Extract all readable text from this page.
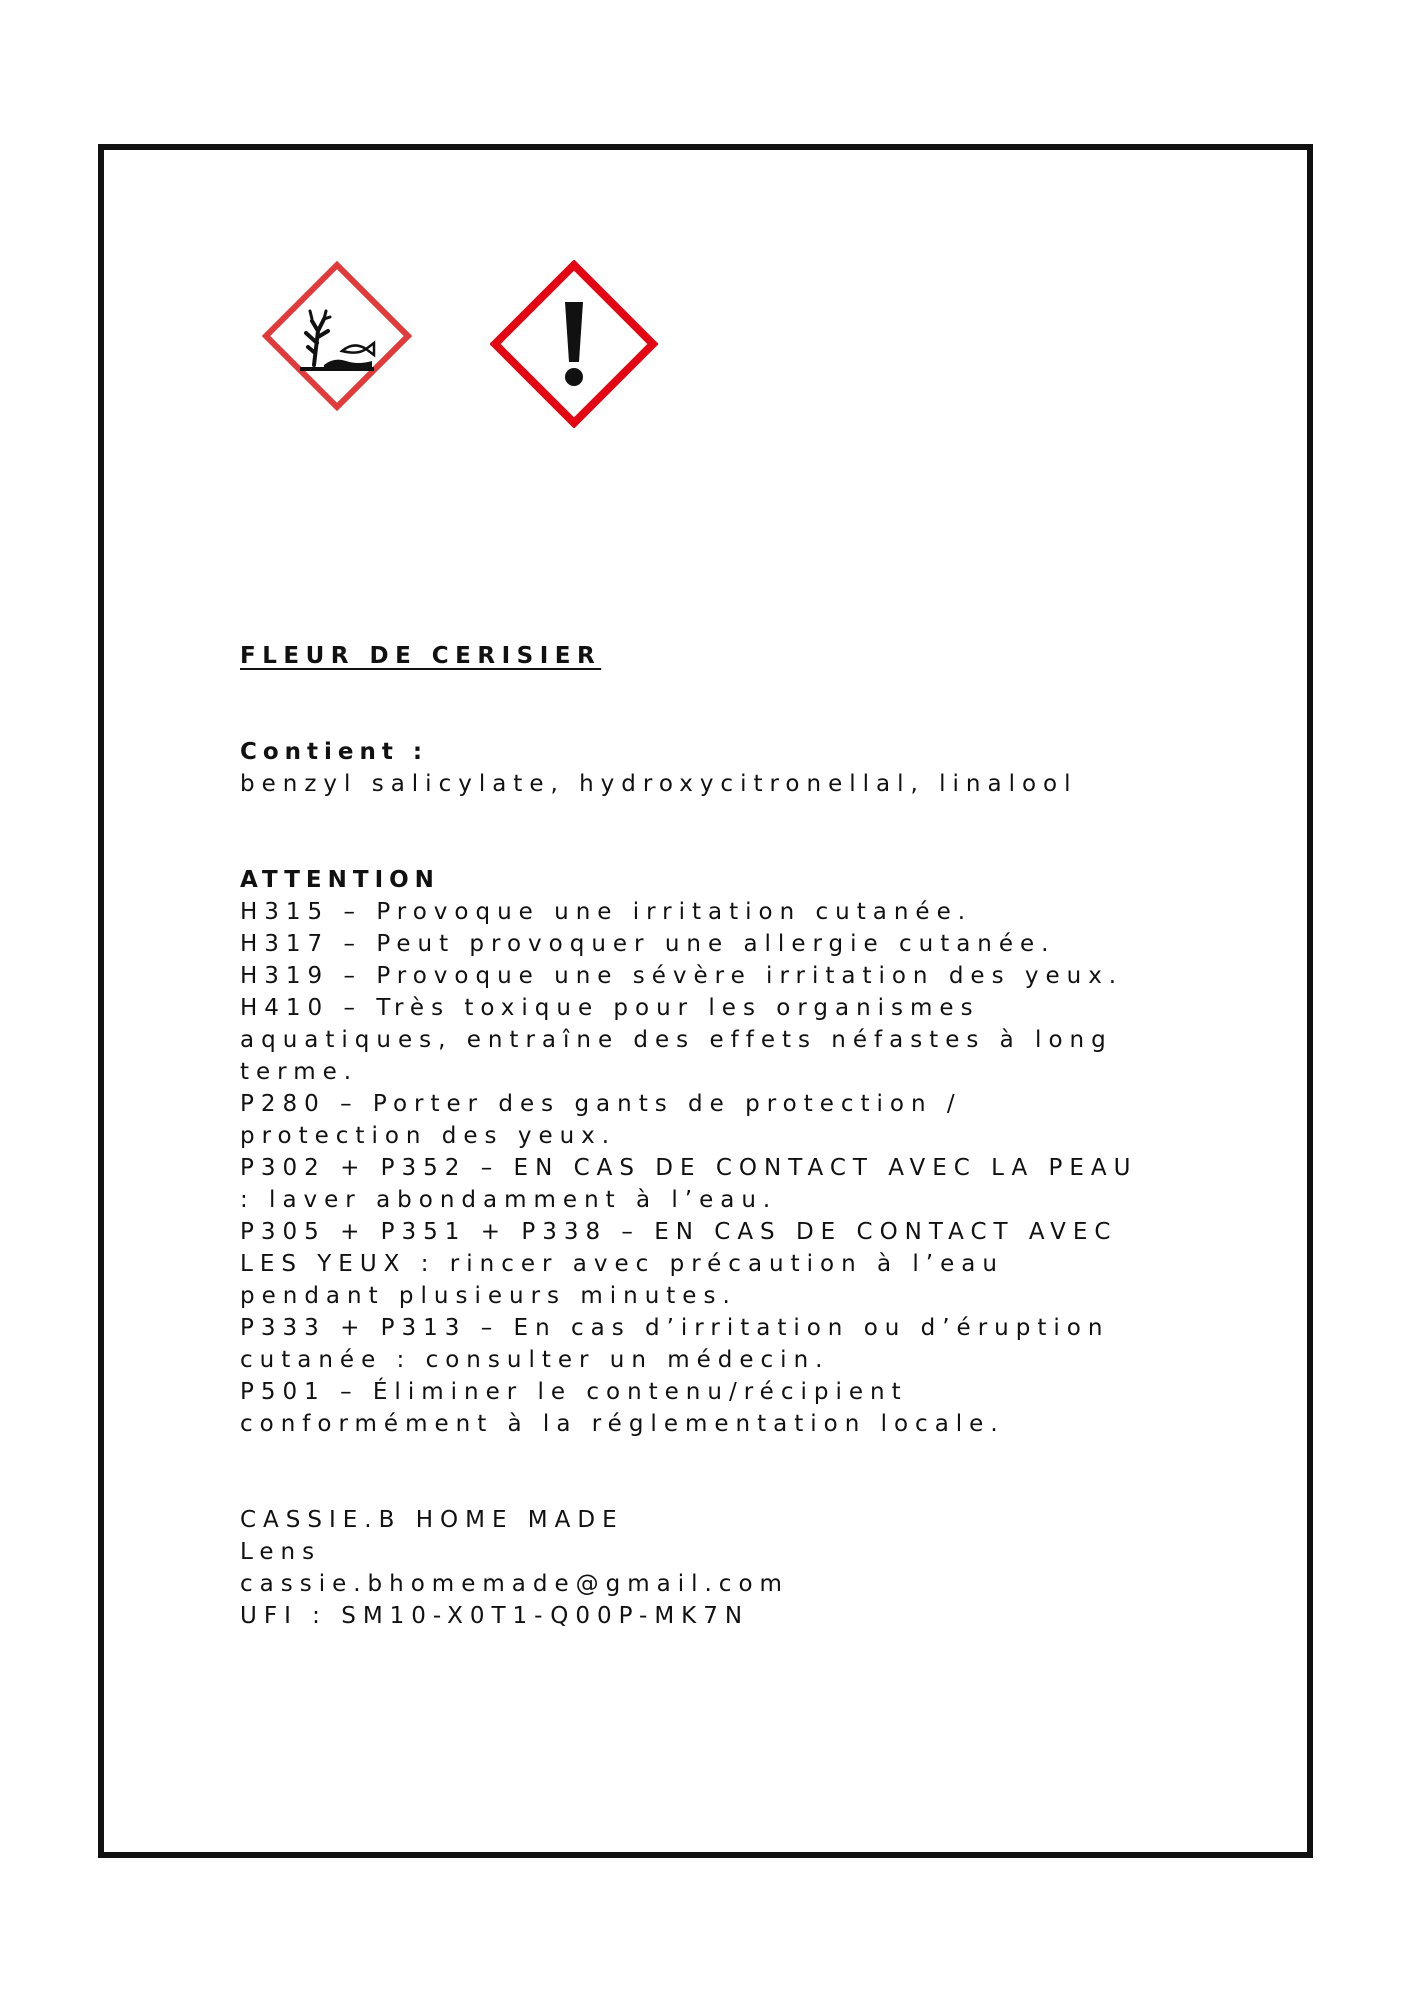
FLEUR DE CERISIER
Contient :
benzyl salicylate, hydroxycitronellal, linalool
ATTENTION
H315 – Provoque une irritation cutanée.
H317 – Peut provoquer une allergie cutanée.
H319 – Provoque une sévère irritation des yeux.
H410 – Très toxique pour les organismes
aquatiques, entraîne des effets néfastes à long
terme.
P280 – Porter des gants de protection /
protection des yeux.
P302 + P352 – EN CAS DE CONTACT AVEC LA PEAU
: laver abondamment à l’eau.
P305 + P351 + P338 – EN CAS DE CONTACT AVEC
LES YEUX : rincer avec précaution à l’eau
pendant plusieurs minutes.
P333 + P313 – En cas d’irritation ou d’éruption
cutanée : consulter un médecin.
P501 – Éliminer le contenu/récipient
conformément à la réglementation locale.
CASSIE.B HOME MADE
Lens
cassie.bhomemade@gmail.com
UFI : SM10-X0T1-Q00P-MK7N
